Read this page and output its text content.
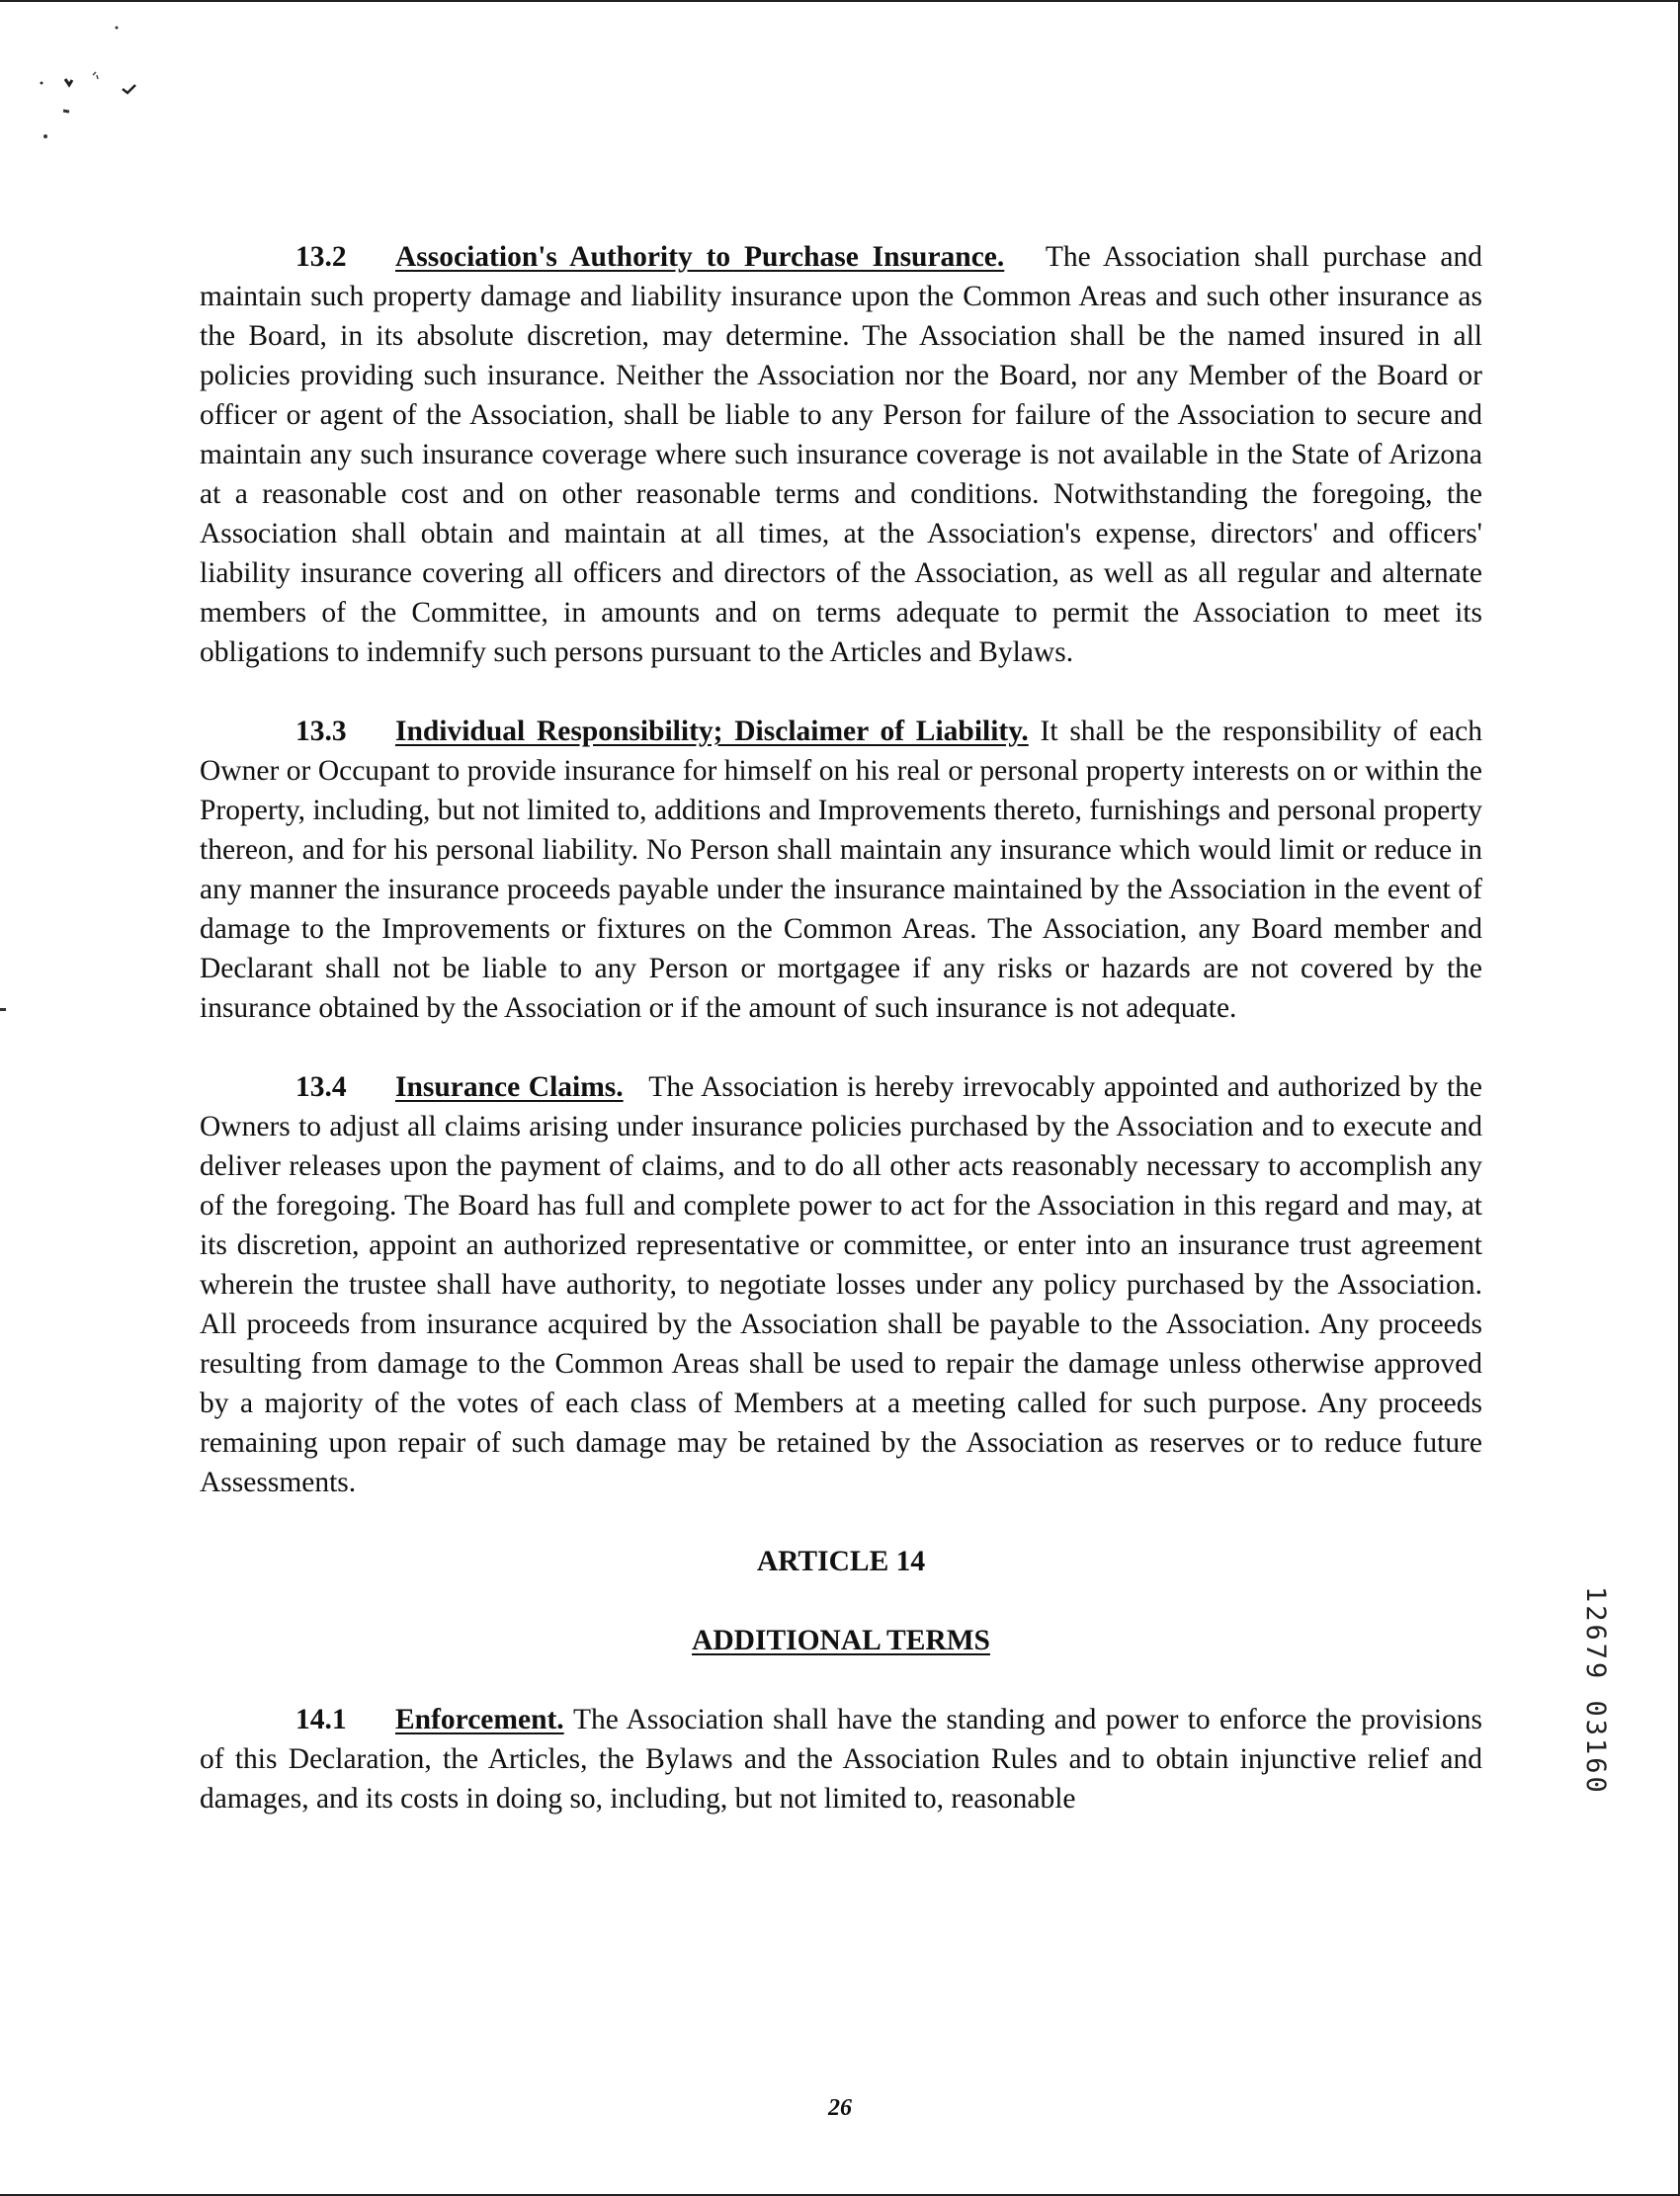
13.2 Association's Authority to Purchase Insurance. The Association shall purchase and maintain such property damage and liability insurance upon the Common Areas and such other insurance as the Board, in its absolute discretion, may determine. The Association shall be the named insured in all policies providing such insurance. Neither the Association nor the Board, nor any Member of the Board or officer or agent of the Association, shall be liable to any Person for failure of the Association to secure and maintain any such insurance coverage where such insurance coverage is not available in the State of Arizona at a reasonable cost and on other reasonable terms and conditions. Notwithstanding the foregoing, the Association shall obtain and maintain at all times, at the Association's expense, directors' and officers' liability insurance covering all officers and directors of the Association, as well as all regular and alternate members of the Committee, in amounts and on terms adequate to permit the Association to meet its obligations to indemnify such persons pursuant to the Articles and Bylaws.

13.3 Individual Responsibility; Disclaimer of Liability. It shall be the responsibility of each Owner or Occupant to provide insurance for himself on his real or personal property interests on or within the Property, including, but not limited to, additions and Improvements thereto, furnishings and personal property thereon, and for his personal liability. No Person shall maintain any insurance which would limit or reduce in any manner the insurance proceeds payable under the insurance maintained by the Association in the event of damage to the Improvements or fixtures on the Common Areas. The Association, any Board member and Declarant shall not be liable to any Person or mortgagee if any risks or hazards are not covered by the insurance obtained by the Association or if the amount of such insurance is not adequate.

13.4 Insurance Claims. The Association is hereby irrevocably appointed and authorized by the Owners to adjust all claims arising under insurance policies purchased by the Association and to execute and deliver releases upon the payment of claims, and to do all other acts reasonably necessary to accomplish any of the foregoing. The Board has full and complete power to act for the Association in this regard and may, at its discretion, appoint an authorized representative or committee, or enter into an insurance trust agreement wherein the trustee shall have authority, to negotiate losses under any policy purchased by the Association. All proceeds from insurance acquired by the Association shall be payable to the Association. Any proceeds resulting from damage to the Common Areas shall be used to repair the damage unless otherwise approved by a majority of the votes of each class of Members at a meeting called for such purpose. Any proceeds remaining upon repair of such damage may be retained by the Association as reserves or to reduce future Assessments.

ARTICLE 14
ADDITIONAL TERMS

14.1 Enforcement. The Association shall have the standing and power to enforce the provisions of this Declaration, the Articles, the Bylaws and the Association Rules and to obtain injunctive relief and damages, and its costs in doing so, including, but not limited to, reasonable

12679 03160
26
